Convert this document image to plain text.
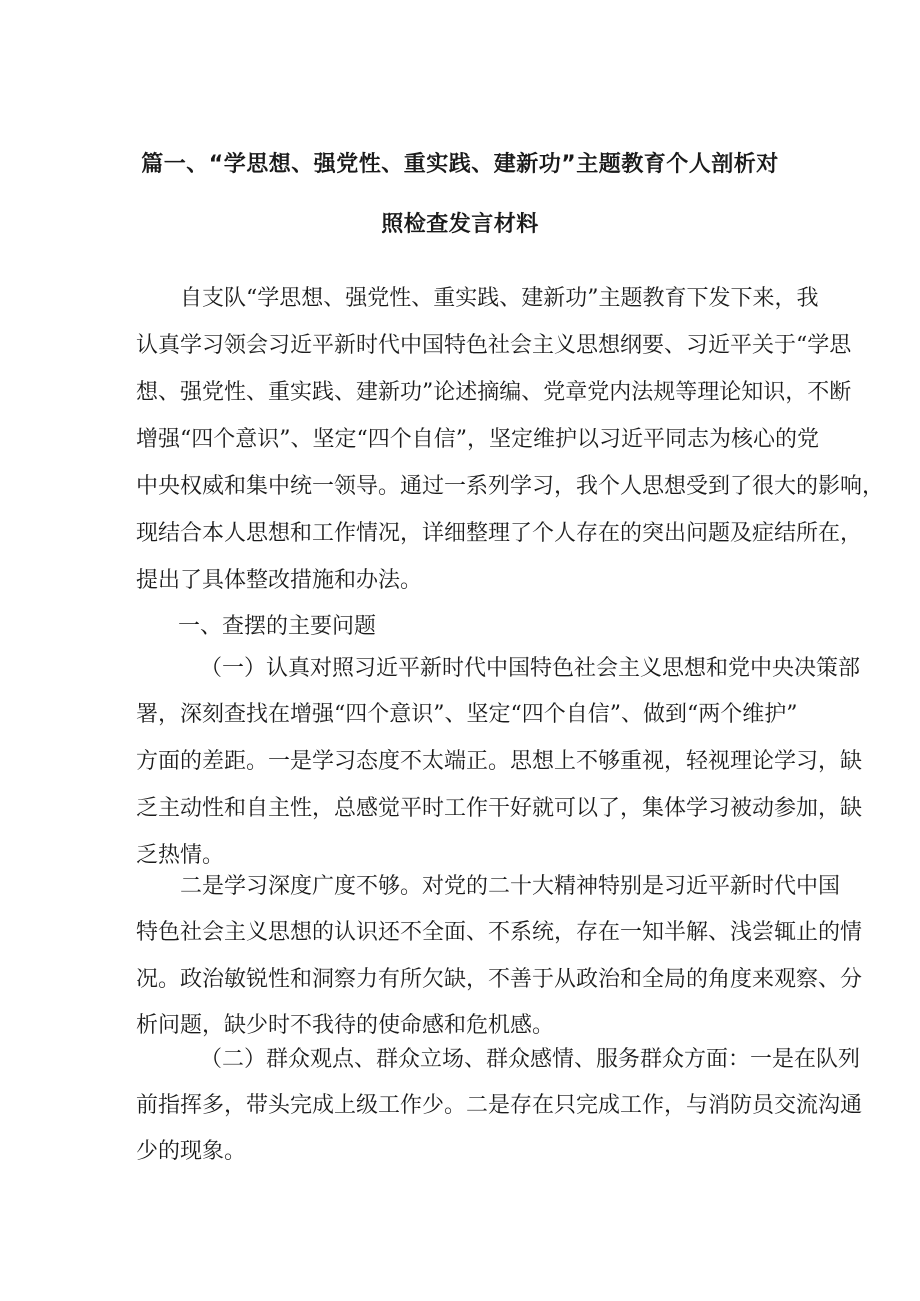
篇一、“学思想、强党性、重实践、建新功”主题教育个人剖析对
照检查发言材料
自支队“学思想、强党性、重实践、建新功”主题教育下发下来，我
认真学习领会习近平新时代中国特色社会主义思想纲要、习近平关于“学思
想、强党性、重实践、建新功”论述摘编、党章党内法规等理论知识，不断
增强“四个意识”、坚定“四个自信”，坚定维护以习近平同志为核心的党
中央权威和集中统一领导。通过一系列学习，我个人思想受到了很大的影响，
现结合本人思想和工作情况，详细整理了个人存在的突出问题及症结所在，
提出了具体整改措施和办法。
一、查摆的主要问题
（一）认真对照习近平新时代中国特色社会主义思想和党中央决策部
署，深刻查找在增强“四个意识”、坚定“四个自信”、做到“两个维护”
方面的差距。一是学习态度不太端正。思想上不够重视，轻视理论学习，缺
乏主动性和自主性，总感觉平时工作干好就可以了，集体学习被动参加，缺
乏热情。
二是学习深度广度不够。对党的二十大精神特别是习近平新时代中国
特色社会主义思想的认识还不全面、不系统，存在一知半解、浅尝辄止的情
况。政治敏锐性和洞察力有所欠缺，不善于从政治和全局的角度来观察、分
析问题，缺少时不我待的使命感和危机感。
（二）群众观点、群众立场、群众感情、服务群众方面：一是在队列
前指挥多，带头完成上级工作少。二是存在只完成工作，与消防员交流沟通
少的现象。
